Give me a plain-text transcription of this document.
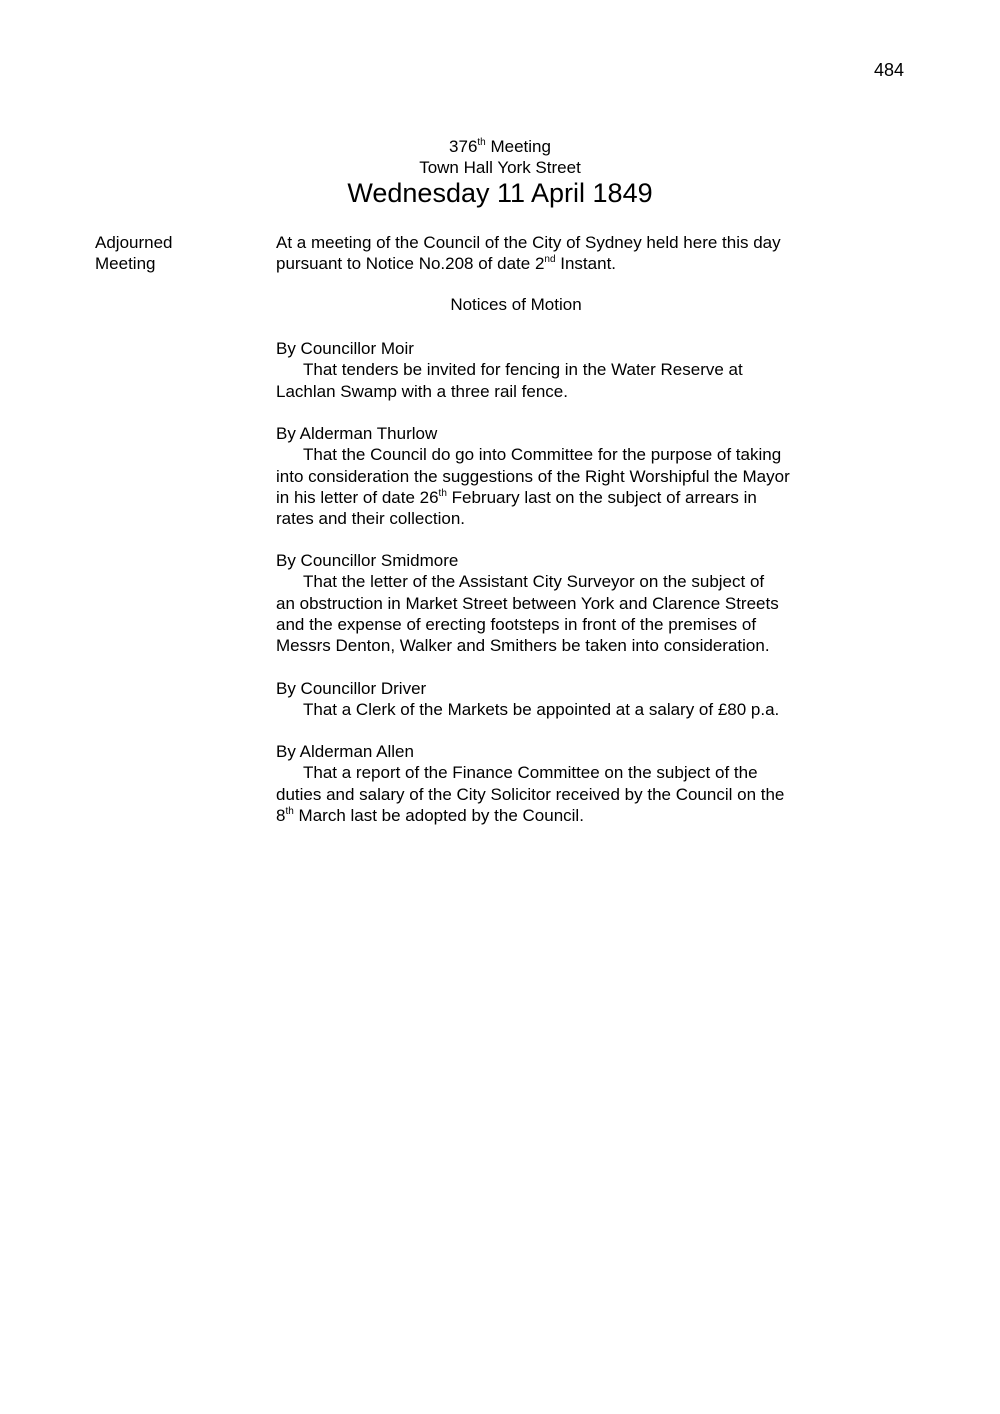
484
376th Meeting
Town Hall York Street
Wednesday 11 April 1849
Adjourned
Meeting
At a meeting of the Council of the City of Sydney held here this day
pursuant to Notice No.208 of date 2nd Instant.
Notices of Motion
By Councillor Moir
That tenders be invited for fencing in the Water Reserve at
Lachlan Swamp with a three rail fence.
By Alderman Thurlow
That the Council do go into Committee for the purpose of taking
into consideration the suggestions of the Right Worshipful the Mayor
in his letter of date 26th February last on the subject of arrears in
rates and their collection.
By Councillor Smidmore
That the letter of the Assistant City Surveyor on the subject of
an obstruction in Market Street between York and Clarence Streets
and the expense of erecting footsteps in front of the premises of
Messrs Denton, Walker and Smithers be taken into consideration.
By Councillor Driver
That a Clerk of the Markets be appointed at a salary of £80 p.a.
By Alderman Allen
That a report of the Finance Committee on the subject of the
duties and salary of the City Solicitor received by the Council on the
8th March last be adopted by the Council.
